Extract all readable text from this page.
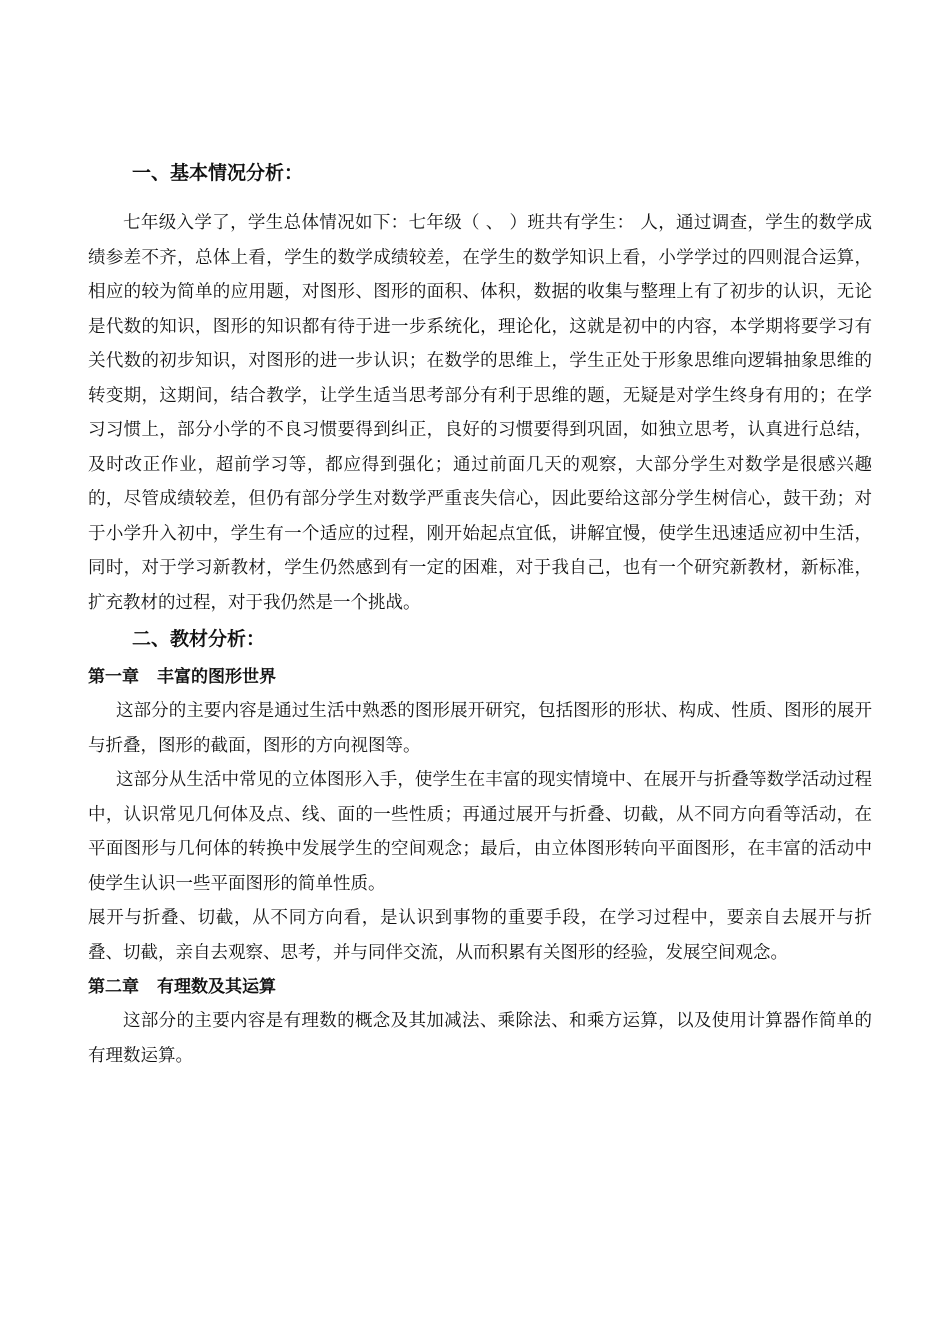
一、基本情况分析：

七年级入学了，学生总体情况如下：七年级（ 、 ）班共有学生： 人，通过调查，学生的数学成绩参差不齐，总体上看，学生的数学成绩较差，在学生的数学知识上看，小学学过的四则混合运算，相应的较为简单的应用题，对图形、图形的面积、体积，数据的收集与整理上有了初步的认识，无论是代数的知识，图形的知识都有待于进一步系统化，理论化，这就是初中的内容，本学期将要学习有关代数的初步知识，对图形的进一步认识；在数学的思维上，学生正处于形象思维向逻辑抽象思维的转变期，这期间，结合教学，让学生适当思考部分有利于思维的题，无疑是对学生终身有用的；在学习习惯上，部分小学的不良习惯要得到纠正，良好的习惯要得到巩固，如独立思考，认真进行总结，及时改正作业，超前学习等，都应得到强化；通过前面几天的观察，大部分学生对数学是很感兴趣的，尽管成绩较差，但仍有部分学生对数学严重丧失信心，因此要给这部分学生树信心，鼓干劲；对于小学升入初中，学生有一个适应的过程，刚开始起点宜低，讲解宜慢，使学生迅速适应初中生活，同时，对于学习新教材，学生仍然感到有一定的困难，对于我自己，也有一个研究新教材，新标准，扩充教材的过程，对于我仍然是一个挑战。

二、教材分析：
第一章 丰富的图形世界

这部分的主要内容是通过生活中熟悉的图形展开研究，包括图形的形状、构成、性质、图形的展开与折叠，图形的截面，图形的方向视图等。

这部分从生活中常见的立体图形入手，使学生在丰富的现实情境中、在展开与折叠等数学活动过程中，认识常见几何体及点、线、面的一些性质；再通过展开与折叠、切截，从不同方向看等活动，在平面图形与几何体的转换中发展学生的空间观念；最后，由立体图形转向平面图形，在丰富的活动中使学生认识一些平面图形的简单性质。

展开与折叠、切截，从不同方向看，是认识到事物的重要手段，在学习过程中，要亲自去展开与折叠、切截，亲自去观察、思考，并与同伴交流，从而积累有关图形的经验，发展空间观念。

第二章 有理数及其运算

这部分的主要内容是有理数的概念及其加减法、乘除法、和乘方运算，以及使用计算器作简单的有理数运算。
